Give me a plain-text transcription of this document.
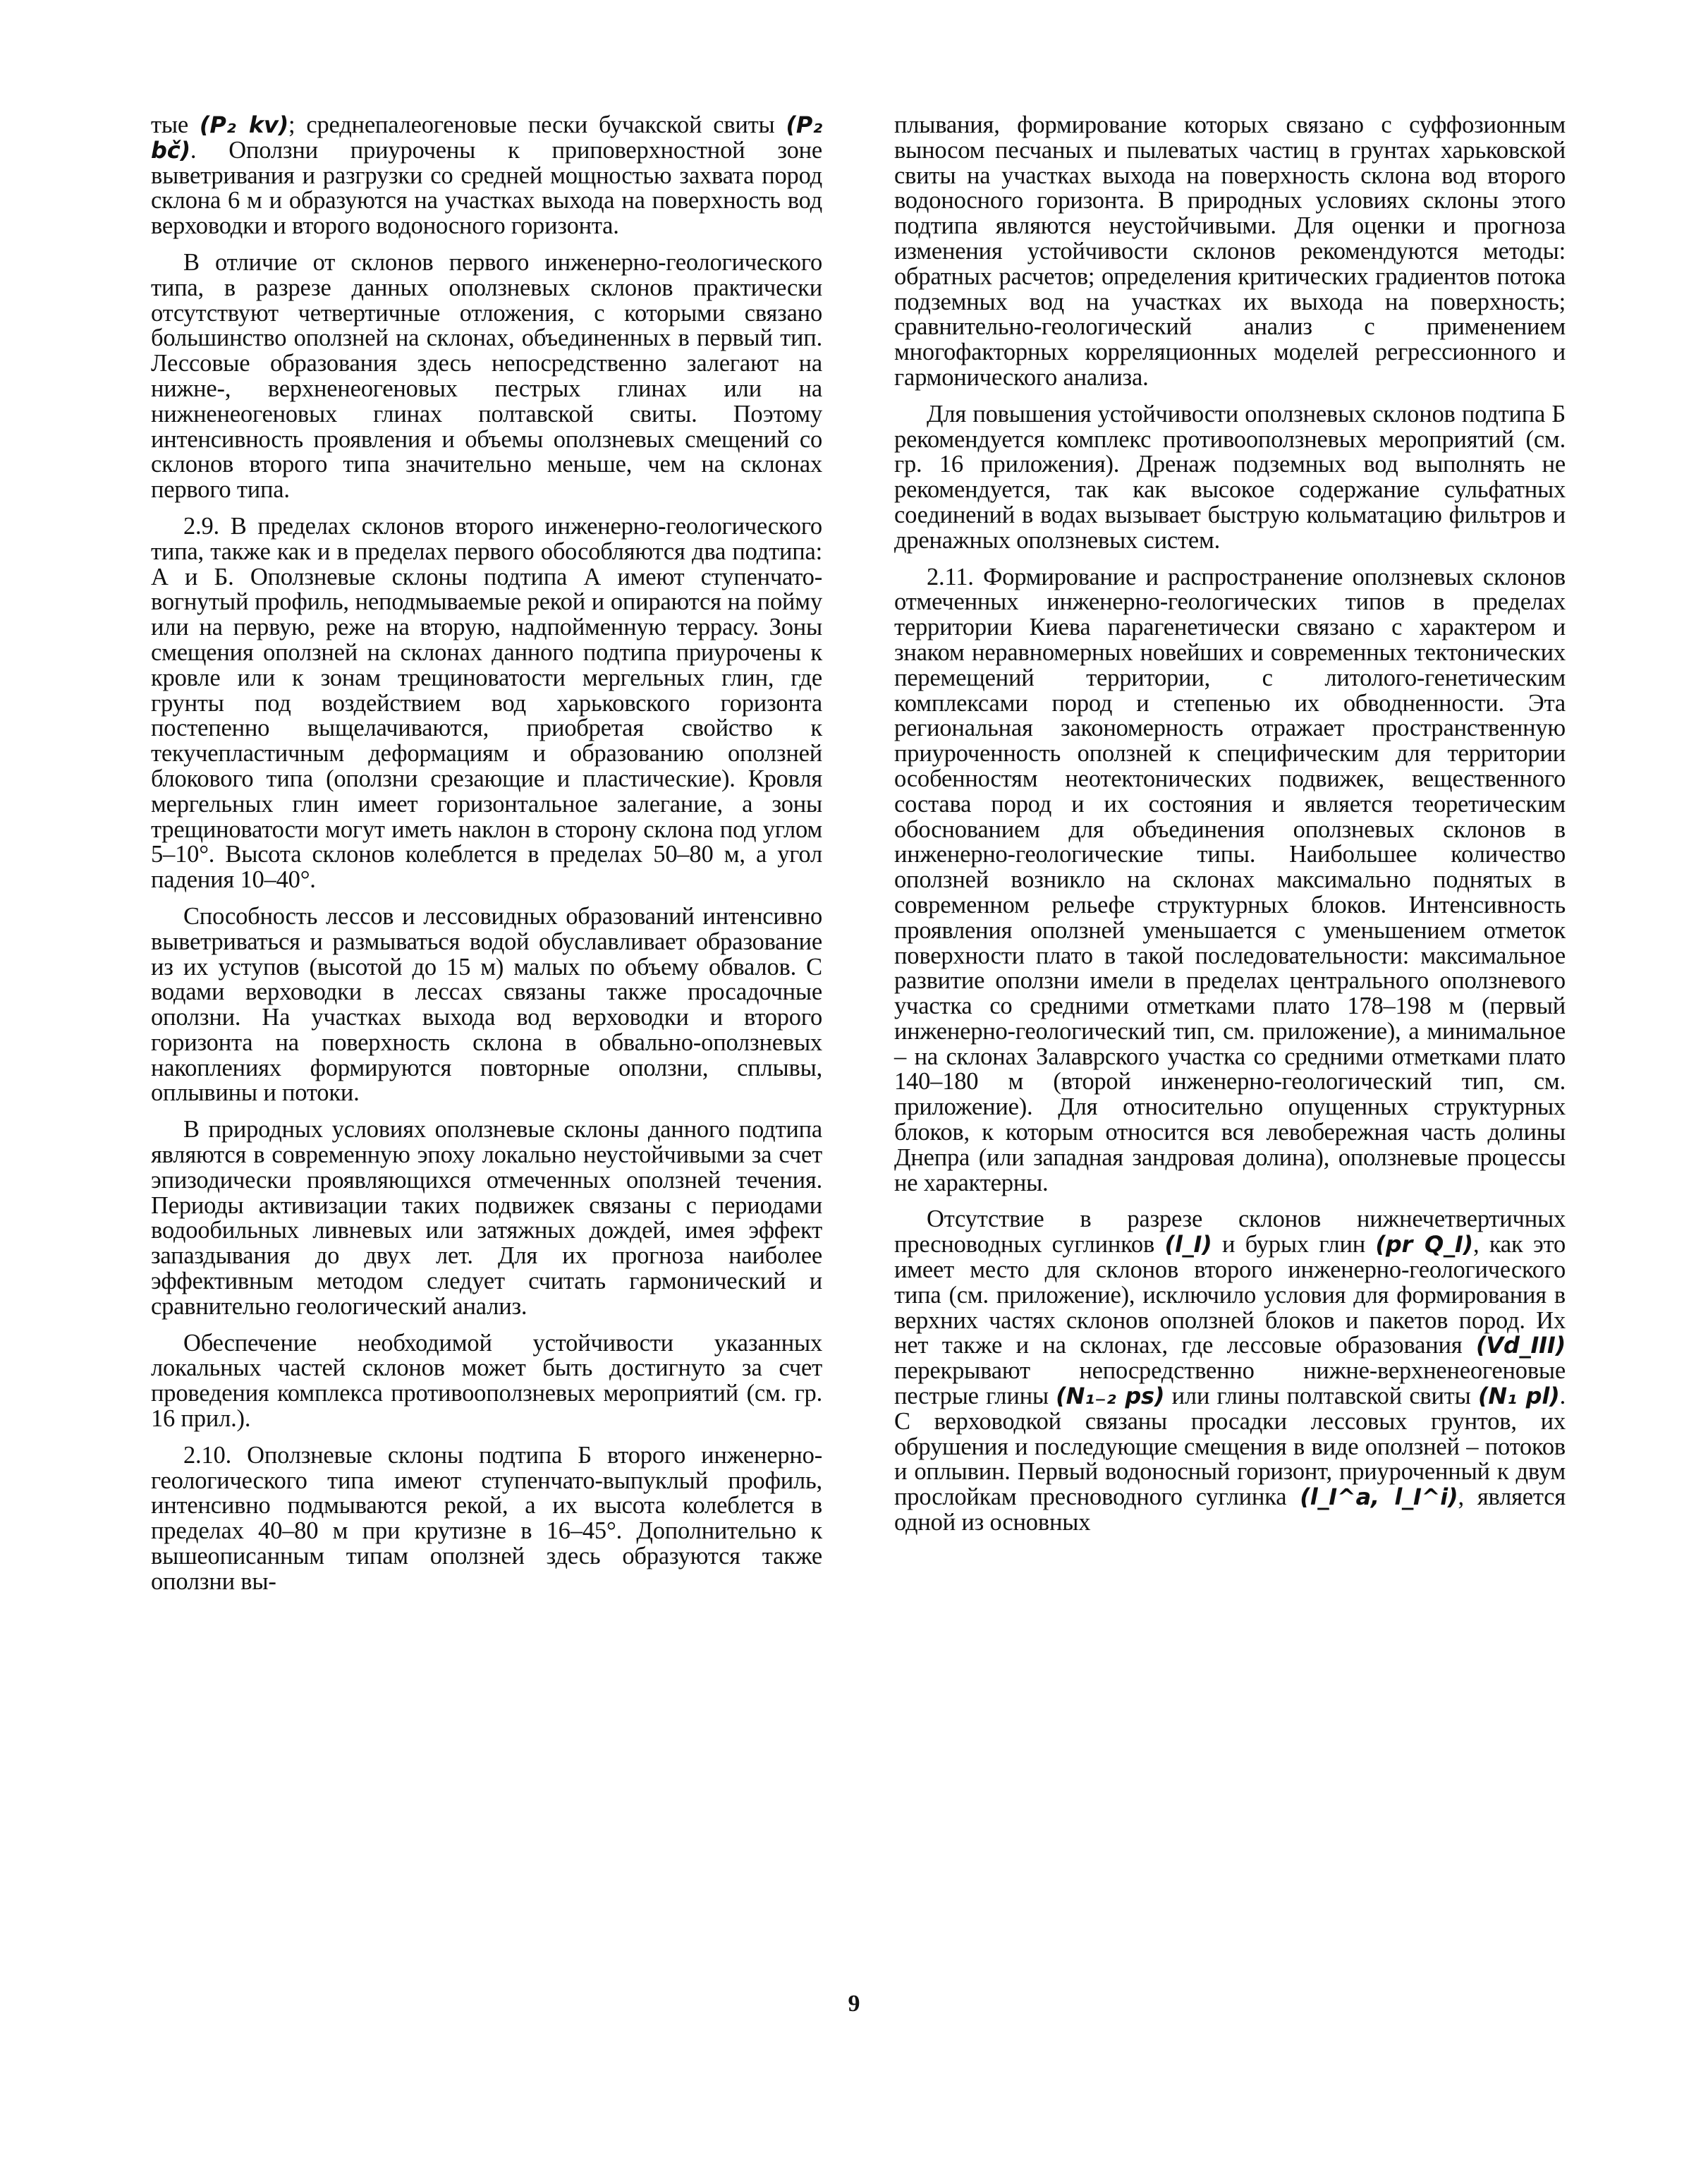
тые (P₂ kv); среднепалеогеновые пески бучакской свиты (P₂ bč). Оползни приурочены к приповерхностной зоне выветривания и разгрузки со средней мощностью захвата пород склона 6 м и образуются на участках выхода на поверхность вод верховодки и второго водоносного горизонта.

В отличие от склонов первого инженерно-геологического типа, в разрезе данных оползневых склонов практически отсутствуют четвертичные отложения, с которыми связано большинство оползней на склонах, объединенных в первый тип. Лессовые образования здесь непосредственно залегают на нижне-, верхненеогеновых пестрых глинах или на нижненеогеновых глинах полтавской свиты. Поэтому интенсивность проявления и объемы оползневых смещений со склонов второго типа значительно меньше, чем на склонах первого типа.

2.9. В пределах склонов второго инженерно-геологического типа, также как и в пределах первого обособляются два подтипа: А и Б. Оползневые склоны подтипа А имеют ступенчато-вогнутый профиль, неподмываемые рекой и опираются на пойму или на первую, реже на вторую, надпойменную террасу. Зоны смещения оползней на склонах данного подтипа приурочены к кровле или к зонам трещиноватости мергельных глин, где грунты под воздействием вод харьковского горизонта постепенно выщелачиваются, приобретая свойство к текучепластичным деформациям и образованию оползней блокового типа (оползни срезающие и пластические). Кровля мергельных глин имеет горизонтальное залегание, а зоны трещиноватости могут иметь наклон в сторону склона под углом 5–10°. Высота склонов колеблется в пределах 50–80 м, а угол падения 10–40°.

Способность лессов и лессовидных образований интенсивно выветриваться и размываться водой обуславливает образование из их уступов (высотой до 15 м) малых по объему обвалов. С водами верховодки в лессах связаны также просадочные оползни. На участках выхода вод верховодки и второго горизонта на поверхность склона в обвально-оползневых накоплениях формируются повторные оползни, сплывы, оплывины и потоки.

В природных условиях оползневые склоны данного подтипа являются в современную эпоху локально неустойчивыми за счет эпизодически проявляющихся отмеченных оползней течения. Периоды активизации таких подвижек связаны с периодами водообильных ливневых или затяжных дождей, имея эффект запаздывания до двух лет. Для их прогноза наиболее эффективным методом следует считать гармонический и сравнительно геологический анализ.

Обеспечение необходимой устойчивости указанных локальных частей склонов может быть достигнуто за счет проведения комплекса противооползневых мероприятий (см. гр. 16 прил.).

2.10. Оползневые склоны подтипа Б второго инженерно-геологического типа имеют ступенчато-выпуклый профиль, интенсивно подмываются рекой, а их высота колеблется в пределах 40–80 м при крутизне в 16–45°. Дополнительно к вышеописанным типам оползней здесь образуются также оползни вы-

плывания, формирование которых связано с суффозионным выносом песчаных и пылеватых частиц в грунтах харьковской свиты на участках выхода на поверхность склона вод второго водоносного горизонта. В природных условиях склоны этого подтипа являются неустойчивыми. Для оценки и прогноза изменения устойчивости склонов рекомендуются методы: обратных расчетов; определения критических градиентов потока подземных вод на участках их выхода на поверхность; сравнительно-геологический анализ с применением многофакторных корреляционных моделей регрессионного и гармонического анализа.

Для повышения устойчивости оползневых склонов подтипа Б рекомендуется комплекс противооползневых мероприятий (см. гр. 16 приложения). Дренаж подземных вод выполнять не рекомендуется, так как высокое содержание сульфатных соединений в водах вызывает быструю кольматацию фильтров и дренажных оползневых систем.

2.11. Формирование и распространение оползневых склонов отмеченных инженерно-геологических типов в пределах территории Киева парагенетически связано с характером и знаком неравномерных новейших и современных тектонических перемещений территории, с литолого-генетическим комплексами пород и степенью их обводненности. Эта региональная закономерность отражает пространственную приуроченность оползней к специфическим для территории особенностям неотектонических подвижек, вещественного состава пород и их состояния и является теоретическим обоснованием для объединения оползневых склонов в инженерно-геологические типы. Наибольшее количество оползней возникло на склонах максимально поднятых в современном рельефе структурных блоков. Интенсивность проявления оползней уменьшается с уменьшением отметок поверхности плато в такой последовательности: максимальное развитие оползни имели в пределах центрального оползневого участка со средними отметками плато 178–198 м (первый инженерно-геологический тип, см. приложение), а минимальное – на склонах Залаврского участка со средними отметками плато 140–180 м (второй инженерно-геологический тип, см. приложение). Для относительно опущенных структурных блоков, к которым относится вся левобережная часть долины Днепра (или западная зандровая долина), оползневые процессы не характерны.

Отсутствие в разрезе склонов нижнечетвертичных пресноводных суглинков (l_I) и бурых глин (pr Q_I), как это имеет место для склонов второго инженерно-геологического типа (см. приложение), исключило условия для формирования в верхних частях склонов оползней блоков и пакетов пород. Их нет также и на склонах, где лессовые образования (Vd_III) перекрывают непосредственно нижне-верхненеогеновые пестрые глины (N₁₋₂ ps) или глины полтавской свиты (N₁ pl). С верховодкой связаны просадки лессовых грунтов, их обрушения и последующие смещения в виде оползней – потоков и оплывин. Первый водоносный горизонт, приуроченный к двум прослойкам пресноводного суглинка (l_I^a, l_I^i), является одной из основных

9
